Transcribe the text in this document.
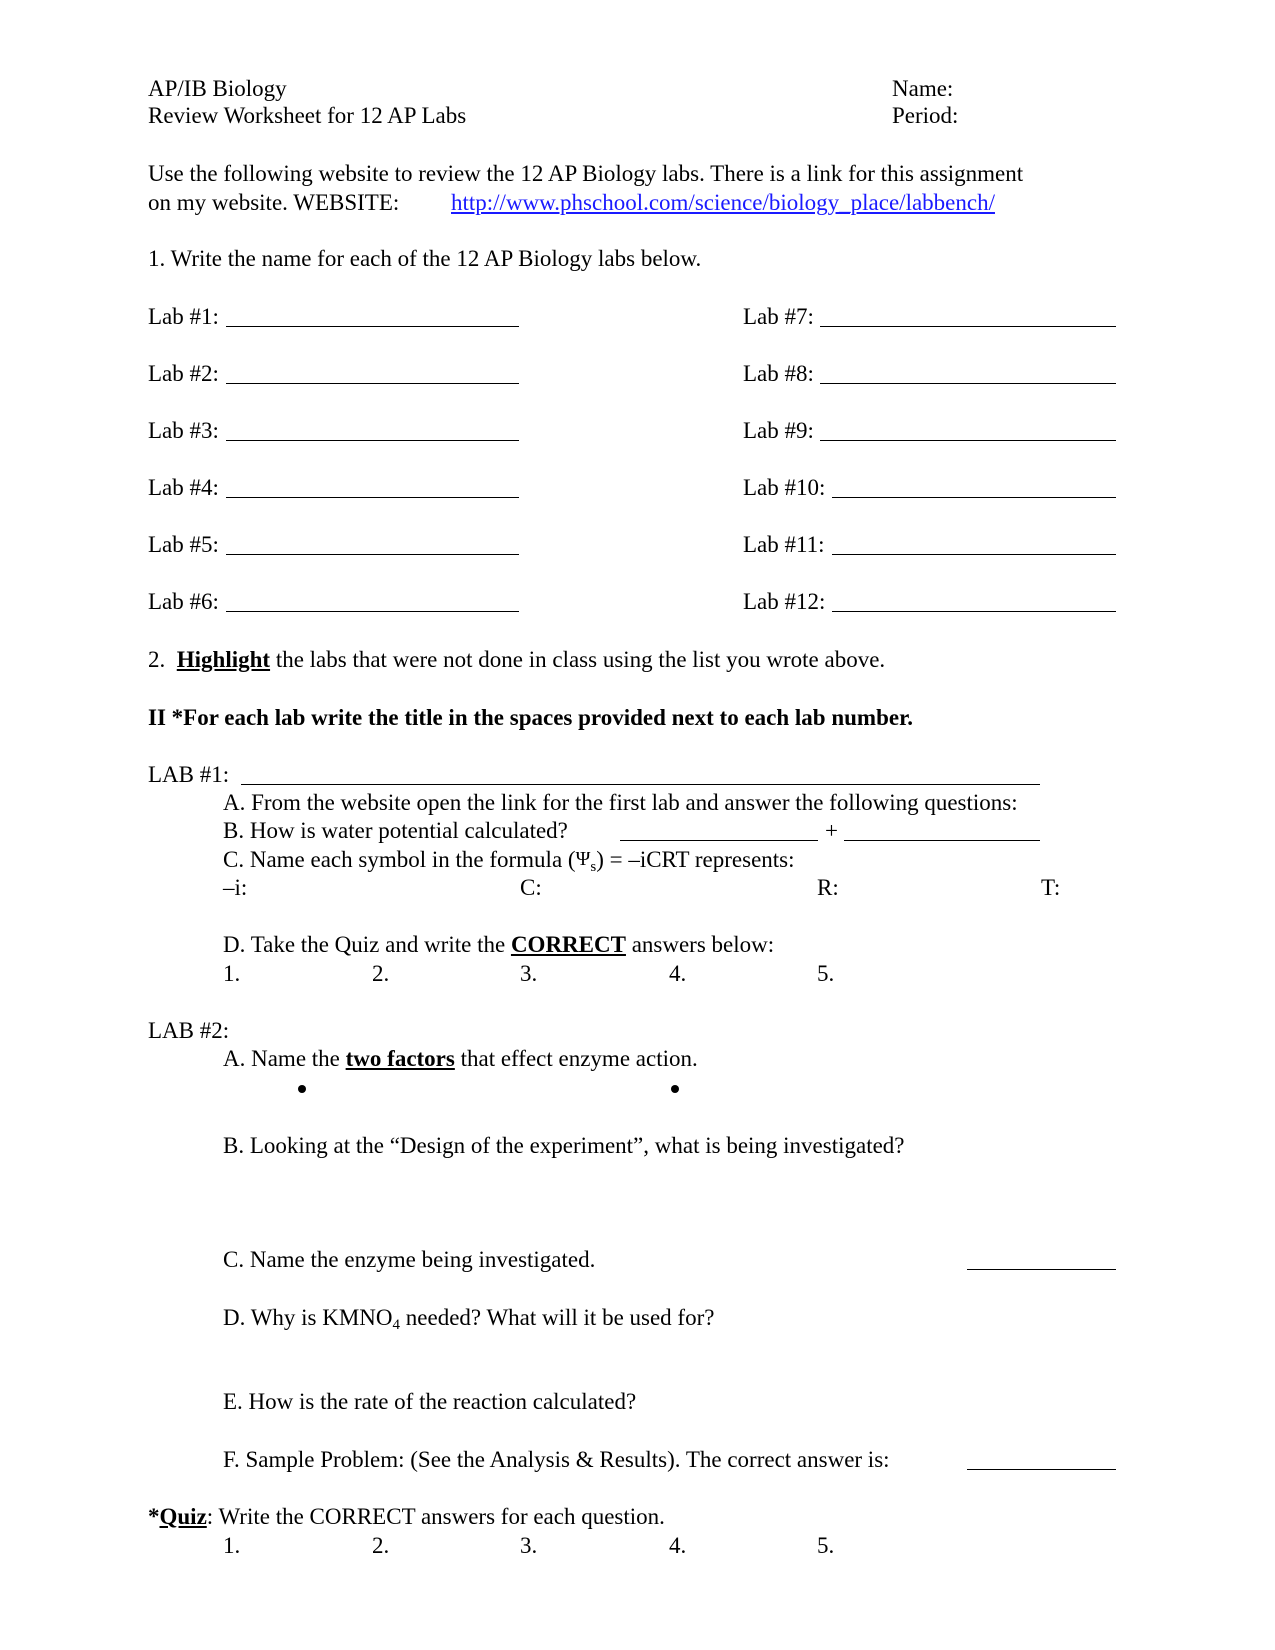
AP/IB Biology
Review Worksheet for 12 AP Labs
Name:
Period:
Use the following website to review the 12 AP Biology labs. There is a link for this assignment
on my website. WEBSITE: http://www.phschool.com/science/biology_place/labbench/
1. Write the name for each of the 12 AP Biology labs below.
Lab #1:
Lab #2:
Lab #3:
Lab #4:
Lab #5:
Lab #6:
Lab #7:
Lab #8:
Lab #9:
Lab #10:
Lab #11:
Lab #12:
2. Highlight the labs that were not done in class using the list you wrote above.
II *For each lab write the title in the spaces provided next to each lab number.
LAB #1:
A. From the website open the link for the first lab and answer the following questions:
B. How is water potential calculated?	+
C. Name each symbol in the formula $(\Psi_s)$ = –iCRT represents:
–i:	C:	R:	T:
D. Take the Quiz and write the CORRECT answers below:
1.	2.	3.	4.	5.
LAB #2:
A. Name the two factors that effect enzyme action.
B. Looking at the “Design of the experiment”, what is being investigated?
C. Name the enzyme being investigated.
D. Why is $KMNO_4$ needed? What will it be used for?
E. How is the rate of the reaction calculated?
F. Sample Problem: (See the Analysis & Results). The correct answer is:
*Quiz: Write the CORRECT answers for each question.
1.	2.	3.	4.	5.
